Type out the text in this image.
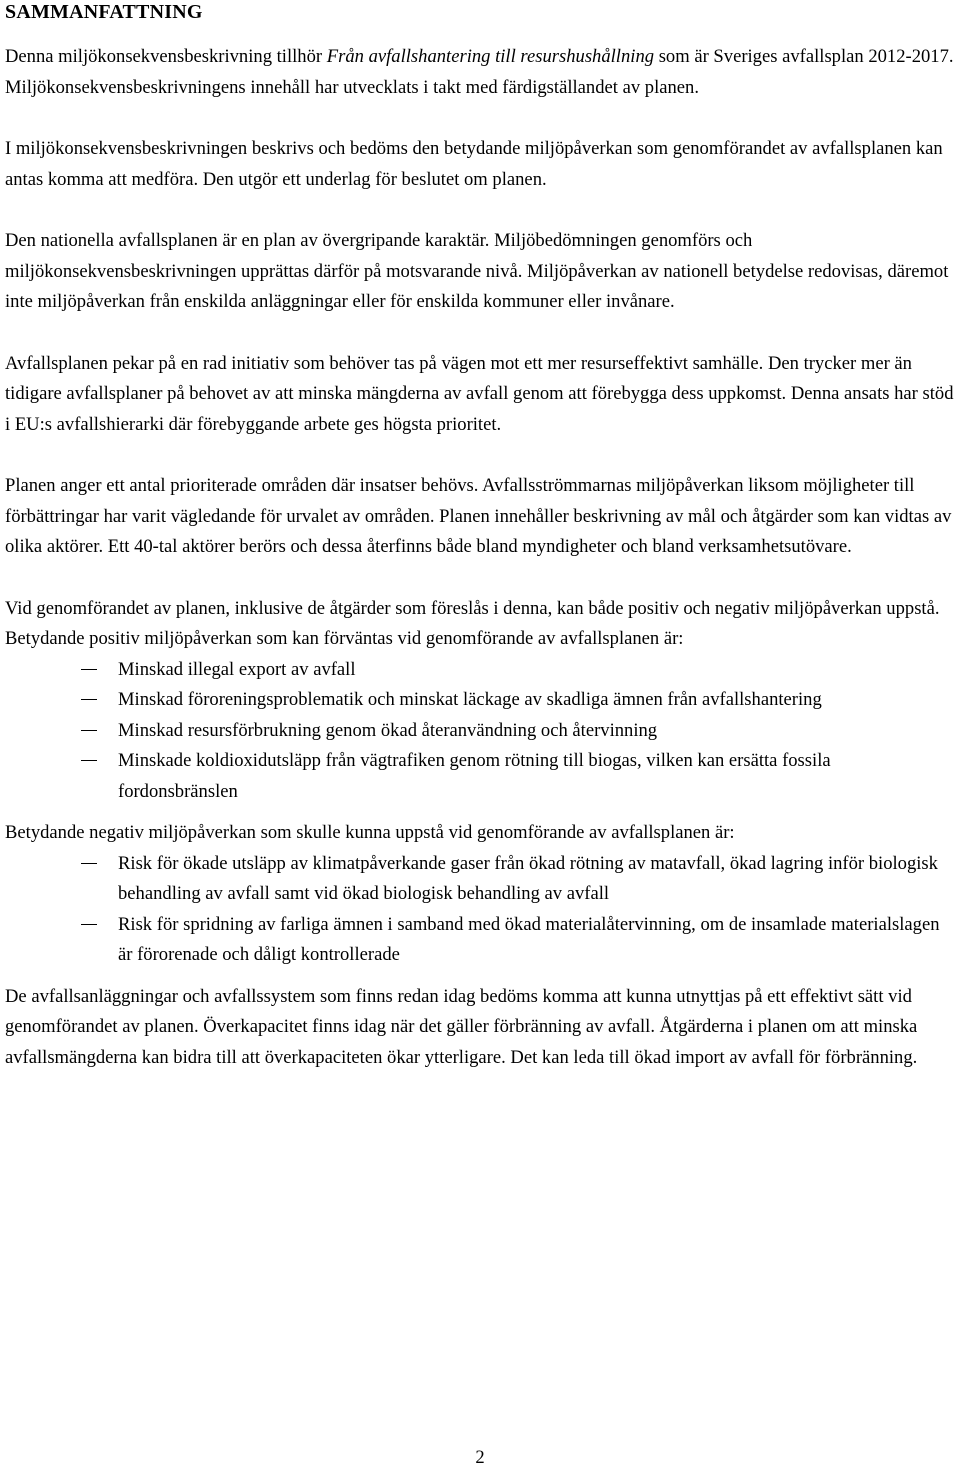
SAMMANFATTNING

Denna miljökonsekvensbeskrivning tillhör Från avfallshantering till resurshushållning som är Sveriges avfallsplan 2012-2017. Miljökonsekvensbeskrivningens innehåll har utvecklats i takt med färdigställandet av planen.

I miljökonsekvensbeskrivningen beskrivs och bedöms den betydande miljöpåverkan som genomförandet av avfallsplanen kan antas komma att medföra. Den utgör ett underlag för beslutet om planen.

Den nationella avfallsplanen är en plan av övergripande karaktär. Miljöbedömningen genomförs och miljökonsekvensbeskrivningen upprättas därför på motsvarande nivå. Miljöpåverkan av nationell betydelse redovisas, däremot inte miljöpåverkan från enskilda anläggningar eller för enskilda kommuner eller invånare.

Avfallsplanen pekar på en rad initiativ som behöver tas på vägen mot ett mer resurseffektivt samhälle. Den trycker mer än tidigare avfallsplaner på behovet av att minska mängderna av avfall genom att förebygga dess uppkomst. Denna ansats har stöd i EU:s avfallshierarki där förebyggande arbete ges högsta prioritet.

Planen anger ett antal prioriterade områden där insatser behövs. Avfallsströmmarnas miljöpåverkan liksom möjligheter till förbättringar har varit vägledande för urvalet av områden. Planen innehåller beskrivning av mål och åtgärder som kan vidtas av olika aktörer. Ett 40-tal aktörer berörs och dessa återfinns både bland myndigheter och bland verksamhetsutövare.

Vid genomförandet av planen, inklusive de åtgärder som föreslås i denna, kan både positiv och negativ miljöpåverkan uppstå. Betydande positiv miljöpåverkan som kan förväntas vid genomförande av avfallsplanen är:

Minskad illegal export av avfall
Minskad föroreningsproblematik och minskat läckage av skadliga ämnen från avfallshantering
Minskad resursförbrukning genom ökad återanvändning och återvinning
Minskade koldioxidutsläpp från vägtrafiken genom rötning till biogas, vilken kan ersätta fossila fordonsbränslen

Betydande negativ miljöpåverkan som skulle kunna uppstå vid genomförande av avfallsplanen är:

Risk för ökade utsläpp av klimatpåverkande gaser från ökad rötning av matavfall, ökad lagring inför biologisk behandling av avfall samt vid ökad biologisk behandling av avfall
Risk för spridning av farliga ämnen i samband med ökad materialåtervinning, om de insamlade materialslagen är förorenade och dåligt kontrollerade

De avfallsanläggningar och avfallssystem som finns redan idag bedöms komma att kunna utnyttjas på ett effektivt sätt vid genomförandet av planen. Överkapacitet finns idag när det gäller förbränning av avfall. Åtgärderna i planen om att minska avfallsmängderna kan bidra till att överkapaciteten ökar ytterligare. Det kan leda till ökad import av avfall för förbränning.

2
